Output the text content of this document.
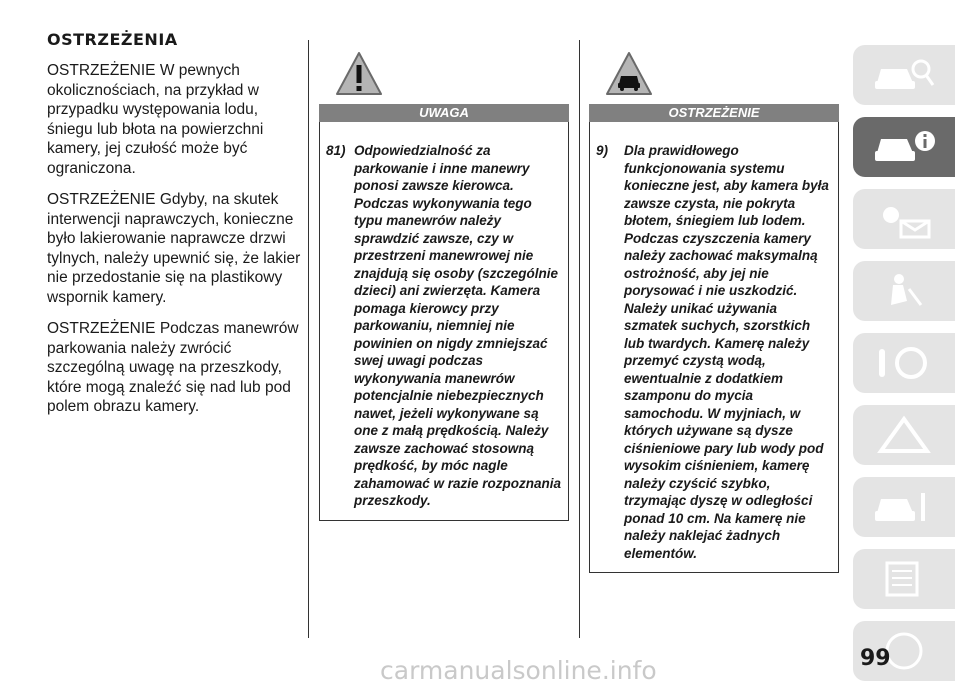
OSTRZEŻENIA

OSTRZEŻENIE W pewnych okolicznościach, na przykład w przypadku występowania lodu, śniegu lub błota na powierzchni kamery, jej czułość może być ograniczona.

OSTRZEŻENIE Gdyby, na skutek interwencji naprawczych, konieczne było lakierowanie naprawcze drzwi tylnych, należy upewnić się, że lakier nie przedostanie się na plastikowy wspornik kamery.

OSTRZEŻENIE Podczas manewrów parkowania należy zwrócić szczególną uwagę na przeszkody, które mogą znaleźć się nad lub pod polem obrazu kamery.

UWAGA
81) Odpowiedzialność za parkowanie i inne manewry ponosi zawsze kierowca. Podczas wykonywania tego typu manewrów należy sprawdzić zawsze, czy w przestrzeni manewrowej nie znajdują się osoby (szczególnie dzieci) ani zwierzęta. Kamera pomaga kierowcy przy parkowaniu, niemniej nie powinien on nigdy zmniejszać swej uwagi podczas wykonywania manewrów potencjalnie niebezpiecznych nawet, jeżeli wykonywane są one z małą prędkością. Należy zawsze zachować stosowną prędkość, by móc nagle zahamować w razie rozpoznania przeszkody.
OSTRZEŻENIE
9)	Dla prawidłowego funkcjonowania systemu konieczne jest, aby kamera była zawsze czysta, nie pokryta błotem, śniegiem lub lodem. Podczas czyszczenia kamery należy zachować maksymalną ostrożność, aby jej nie porysować i nie uszkodzić. Należy unikać używania szmatek suchych, szorstkich lub twardych. Kamerę należy przemyć czystą wodą, ewentualnie z dodatkiem szamponu do mycia samochodu. W myjniach, w których używane są dysze ciśnieniowe pary lub wody pod wysokim ciśnieniem, kamerę należy czyścić szybko, trzymając dyszę w odległości ponad 10 cm. Na kamerę nie należy naklejać żadnych elementów.
99
carmanualsonline.info
